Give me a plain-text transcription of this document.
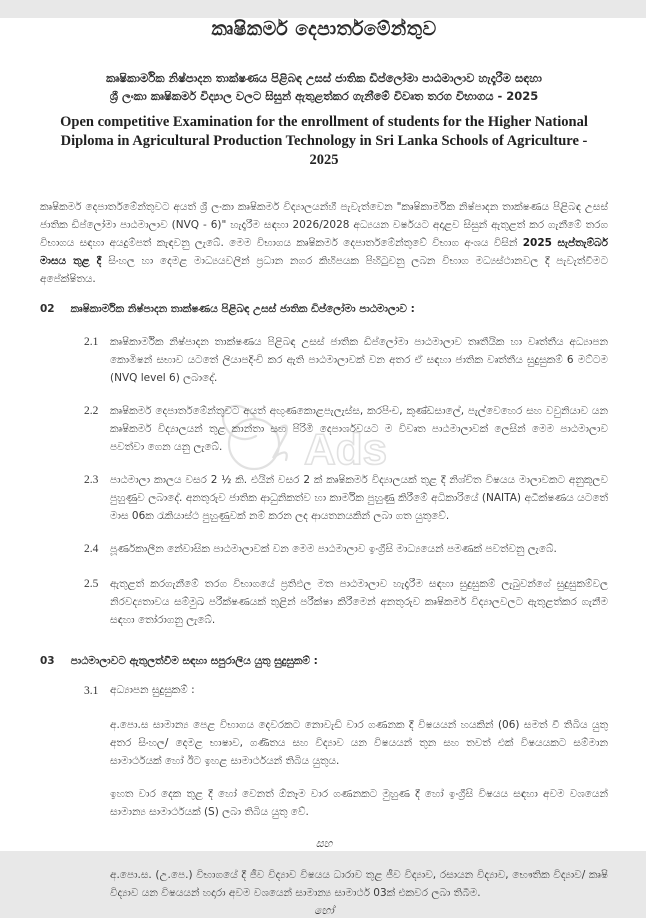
Ads
කෘෂිකර්ම දෙපාර්තමේන්තුව
කෘෂිකාර්මික නිෂ්පාදන තාක්ෂණය පිළිබඳ උසස් ජාතික ඩිප්ලෝමා පාඨමාලාව හැදෑරීම සඳහා
ශ්‍රී ලංකා කෘෂිකර්ම විද්‍යාල වලට සිසුන් ඇතුළත්කර ගැනීමේ විවෘත තරග විභාගය - 2025
Open competitive Examination for the enrollment of students for the Higher National Diploma in Agricultural Production Technology in Sri Lanka Schools of Agriculture - 2025
කෘෂිකර්ම දෙපාර්තමේන්තුවට අයත් ශ්‍රී ලංකා කෘෂිකර්ම විද්‍යාලයන්හී පැවැත්වෙන "කෘෂිකාර්මික නිෂ්පාදන තාක්ෂණය පිළිබඳ උසස් ජාතික ඩිප්ලෝමා පාඨමාලාව (NVQ - 6)" හැදෑරීම සඳහා 2026/2028 අධ්‍යයන වර්ෂයට අදාළව සිසුන් ඇතුළත් කර ගැනීමේ තරග විභාගය සඳහා අයදුම්පත් කැඳවනු ලැබේ. මෙම විභාගය කෘෂිකර්ම දෙපාර්තමේන්තුවේ විභාග අංශය විසින් 2025 සැප්තැම්බර් මාසය තුළ දී සිංහල හා දෙමළ මාධ්‍යයවලින් ප්‍රධාන නගර කිහිපයක පිහිටුවනු ලබන විභාග මධ්‍යස්ථානවල දී පැවැත්වීමට අපේක්ෂිතය.
02 කෘෂිකාර්මික නිෂ්පාදන තාක්ෂණය පිළිබඳ උසස් ජාතික ඩිප්ලෝමා පාඨමාලාව :
2.1	කෘෂිකාර්මික නිෂ්පාදන තාක්ෂණය පිළිබඳ උසස් ජාතික ඩිප්ලෝමා පාඨමාලාව තෘතීයික හා වෘත්තීය අධ්‍යාපන කොමිෂන් සභාව යටතේ ලියාපදිංචි කර ඇති පාඨමාලාවක් වන අතර ඒ සඳහා ජාතික වෘත්තීය සුදුසුකම් 6 මට්ටම (NVQ level 6) ලබාදේ.
2.2	කෘෂිකර්ම දෙපාර්තමේන්තුවට අයත් අඟුණකොළපැලැස්ස, කරපිංච, කුණ්ඩසාලේ, පැල්වෙහෙර සහ වවුනියාව යන කෘෂිකර්ම විද්‍යාලයන් තුළ කාන්තා සහ පිරිමි දෙපාර්ශවයට ම විවෘත පාඨමාලාවක් ලෙසින් මෙම පාඨමාලාව පවත්වා ගෙන යනු ලැබේ.
2.3	පාඨමාලා කාලය වසර 2 ½ කි. එයින් වසර 2 ක් කෘෂිකර්ම විද්‍යාලයක් තුළ දී නිශ්චිත විෂයය මාලාවකට අනුකූලව පුහුණුව ලබාදේ. අනතුරුව ජාතික ආධුනිකත්ව හා කාර්මික පුහුණු කිරීමේ අධිකාරියේ (NAITA) අධීක්ෂණය යටතේ මාස 06ක රැකියාස්ථ පුහුණුවක් නම් කරන ලද ආයතනයකින් ලබා ගත යුතුවේ.
2.4	පූර්ණකාලීන නේවාසික පාඨමාලාවක් වන මෙම පාඨමාලාව ඉංග්‍රීසි මාධ්‍යයෙන් පමණක් පවත්වනු ලැබේ.
2.5	ඇතුළත් කරගැනීමේ තරග විභාගයේ ප්‍රතිඵල මත පාඨමාලාව හැදෑරීම සඳහා සුදුසුකම් ලැබුවන්ගේ සුදුසුකම්වල නිරවද්‍යතාවය සම්මුඛ පරීක්ෂණයක් තුළින් පරීක්ෂා කිරීමෙන් අනතුරුව කෘෂිකර්ම විද්‍යාලවලට ඇතුළත්කර ගැනීම සඳහා තෝරාගනු ලැබේ.
03 පාඨමාලාවට ඇතුලත්වීම සඳහා සපුරාලිය යුතු සුදුසුකම් :
3.1	අධ්‍යාපන සුදුසුකම් :
අ.පො.ස සාමාන්‍ය පෙළ විභාගය දෙවරකට නොවැඩි වාර ගණනක දී විෂයයන් හයකින් (06) සමත් වී තිබිය යුතු අතර සිංහල/ දෙමළ භාෂාව, ගණිතය සහ විද්‍යාව යන විෂයයන් තුන සහ තවත් එක් විෂයයකට සම්මාන සාමාර්ථයක් හෝ ඊට ඉහළ සාමාර්ථයන් තිබිය යුතුය.
ඉහත වාර දෙක තුළ දී හෝ වෙනත් ඕනෑම වාර ගණනකට මුහුණ දී හෝ ඉංග්‍රීසි විෂයය සඳහා අවම වශයෙන් සාමාන්‍ය සාමාර්ථයක් (S) ලබා තිබිය යුතු වේ.
සහ
අ.පො.ස. (උ.පෙ.) විභාගයේ දී ජීව විද්‍යාව විෂයය ධාරාව තුළ ජීව විද්‍යාව, රසායන විද්‍යාව, භෞතික විද්‍යාව/ කෘෂි විද්‍යාව යන විෂයයන් හදාරා අවම වශයෙන් සාමාන්‍ය සාමාර්ථ 03ක් එකවර ලබා තිබීම.
හෝ
